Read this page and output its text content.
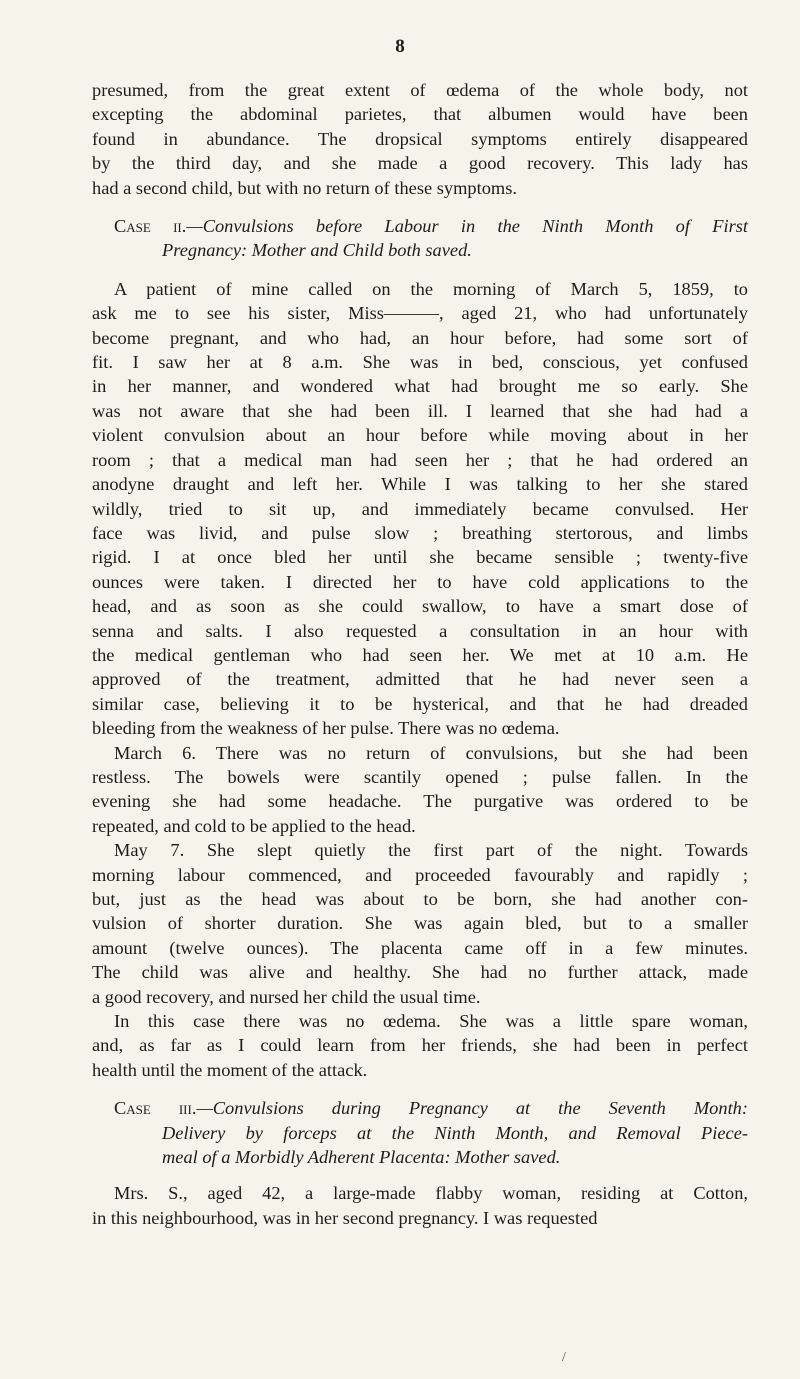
8

presumed, from the great extent of œdema of the whole body, not
excepting the abdominal parietes, that albumen would have been
found in abundance. The dropsical symptoms entirely disappeared
by the third day, and she made a good recovery. This lady has
had a second child, but with no return of these symptoms.

Case ii.—Convulsions before Labour in the Ninth Month of First
Pregnancy: Mother and Child both saved.

A patient of mine called on the morning of March 5, 1859, to
ask me to see his sister, Miss———, aged 21, who had unfortunately
become pregnant, and who had, an hour before, had some sort of
fit. I saw her at 8 a.m. She was in bed, conscious, yet confused
in her manner, and wondered what had brought me so early. She
was not aware that she had been ill. I learned that she had had a
violent convulsion about an hour before while moving about in her
room ; that a medical man had seen her ; that he had ordered an
anodyne draught and left her. While I was talking to her she stared
wildly, tried to sit up, and immediately became convulsed. Her
face was livid, and pulse slow ; breathing stertorous, and limbs
rigid. I at once bled her until she became sensible ; twenty-five
ounces were taken. I directed her to have cold applications to the
head, and as soon as she could swallow, to have a smart dose of
senna and salts. I also requested a consultation in an hour with
the medical gentleman who had seen her. We met at 10 a.m. He
approved of the treatment, admitted that he had never seen a
similar case, believing it to be hysterical, and that he had dreaded
bleeding from the weakness of her pulse. There was no œdema.

March 6. There was no return of convulsions, but she had been
restless. The bowels were scantily opened ; pulse fallen. In the
evening she had some headache. The purgative was ordered to be
repeated, and cold to be applied to the head.

May 7. She slept quietly the first part of the night. Towards
morning labour commenced, and proceeded favourably and rapidly ;
but, just as the head was about to be born, she had another con-
vulsion of shorter duration. She was again bled, but to a smaller
amount (twelve ounces). The placenta came off in a few minutes.
The child was alive and healthy. She had no further attack, made
a good recovery, and nursed her child the usual time.

In this case there was no œdema. She was a little spare woman,
and, as far as I could learn from her friends, she had been in perfect
health until the moment of the attack.

Case iii.—Convulsions during Pregnancy at the Seventh Month:
Delivery by forceps at the Ninth Month, and Removal Piece-
meal of a Morbidly Adherent Placenta: Mother saved.

Mrs. S., aged 42, a large-made flabby woman, residing at Cotton,
in this neighbourhood, was in her second pregnancy. I was requested

/
